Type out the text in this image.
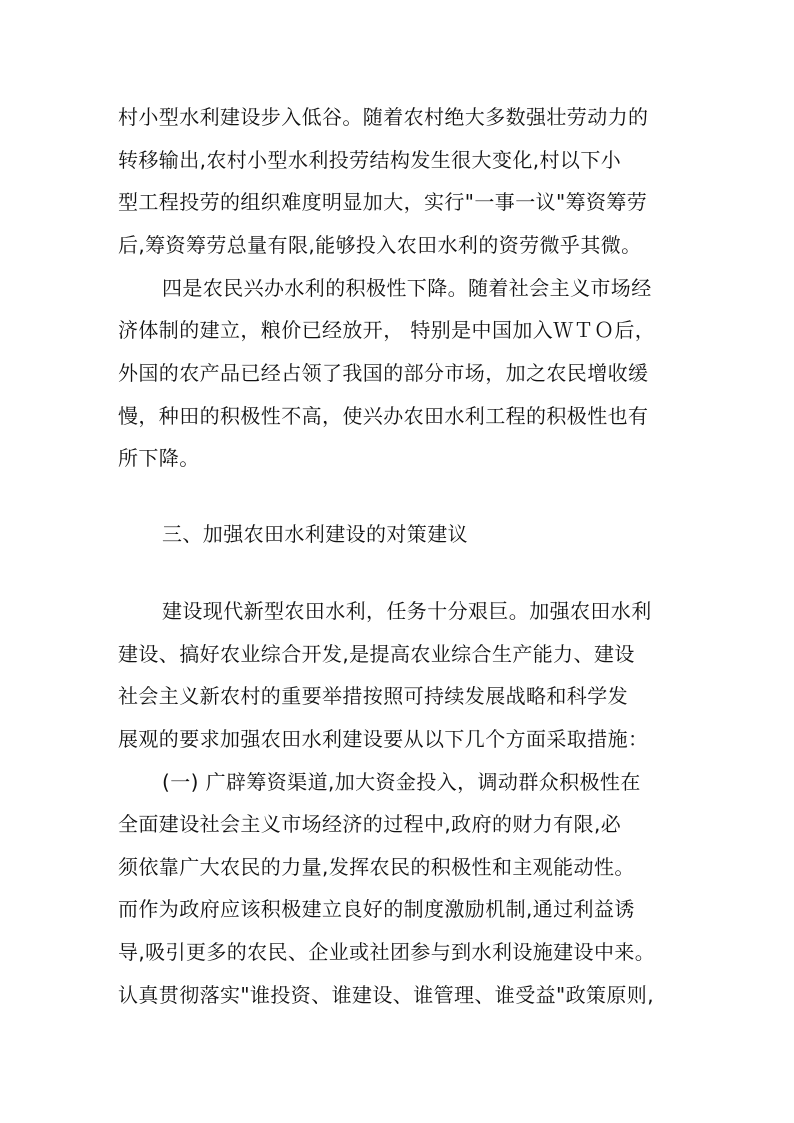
村小型水利建设步入低谷。随着农村绝大多数强壮劳动力的
转移输出,农村小型水利投劳结构发生很大变化,村以下小
型工程投劳的组织难度明显加大，实行"一事一议"筹资筹劳
后,筹资筹劳总量有限,能够投入农田水利的资劳微乎其微。
四是农民兴办水利的积极性下降。随着社会主义市场经
济体制的建立，粮价已经放开， 特别是中国加入ＷＴＯ后，
外国的农产品已经占领了我国的部分市场，加之农民增收缓
慢，种田的积极性不高，使兴办农田水利工程的积极性也有
所下降。
三、加强农田水利建设的对策建议
建设现代新型农田水利，任务十分艰巨。加强农田水利
建设、搞好农业综合开发,是提高农业综合生产能力、建设
社会主义新农村的重要举措按照可持续发展战略和科学发
展观的要求加强农田水利建设要从以下几个方面采取措施：
(一) 广辟筹资渠道,加大资金投入，调动群众积极性在
全面建设社会主义市场经济的过程中,政府的财力有限,必
须依靠广大农民的力量,发挥农民的积极性和主观能动性。
而作为政府应该积极建立良好的制度激励机制,通过利益诱
导,吸引更多的农民、企业或社团参与到水利设施建设中来。
认真贯彻落实"谁投资、谁建设、谁管理、谁受益"政策原则,
